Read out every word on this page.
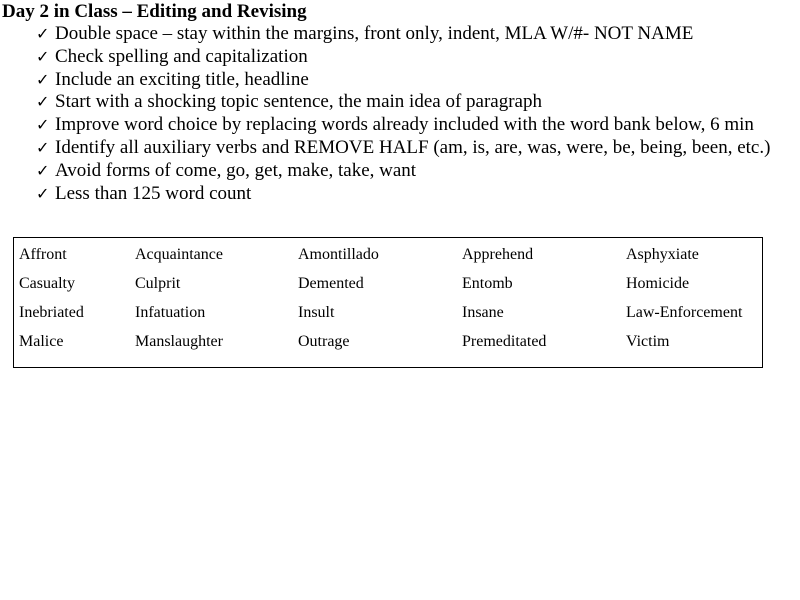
Day 2 in Class – Editing and Revising
✓ Double space – stay within the margins, front only, indent, MLA W/#- NOT NAME
✓ Check spelling and capitalization
✓ Include an exciting title, headline
✓ Start with a shocking topic sentence, the main idea of paragraph
✓ Improve word choice by replacing words already included with the word bank below, 6 min
✓ Identify all auxiliary verbs and REMOVE HALF (am, is, are, was, were, be, being, been, etc.)
✓ Avoid forms of come, go, get, make, take, want
✓ Less than 125 word count
Affront	Acquaintance	Amontillado	Apprehend	Asphyxiate
Casualty	Culprit	Demented	Entomb	Homicide
Inebriated	Infatuation	Insult	Insane	Law-Enforcement
Malice	Manslaughter	Outrage	Premeditated	Victim
